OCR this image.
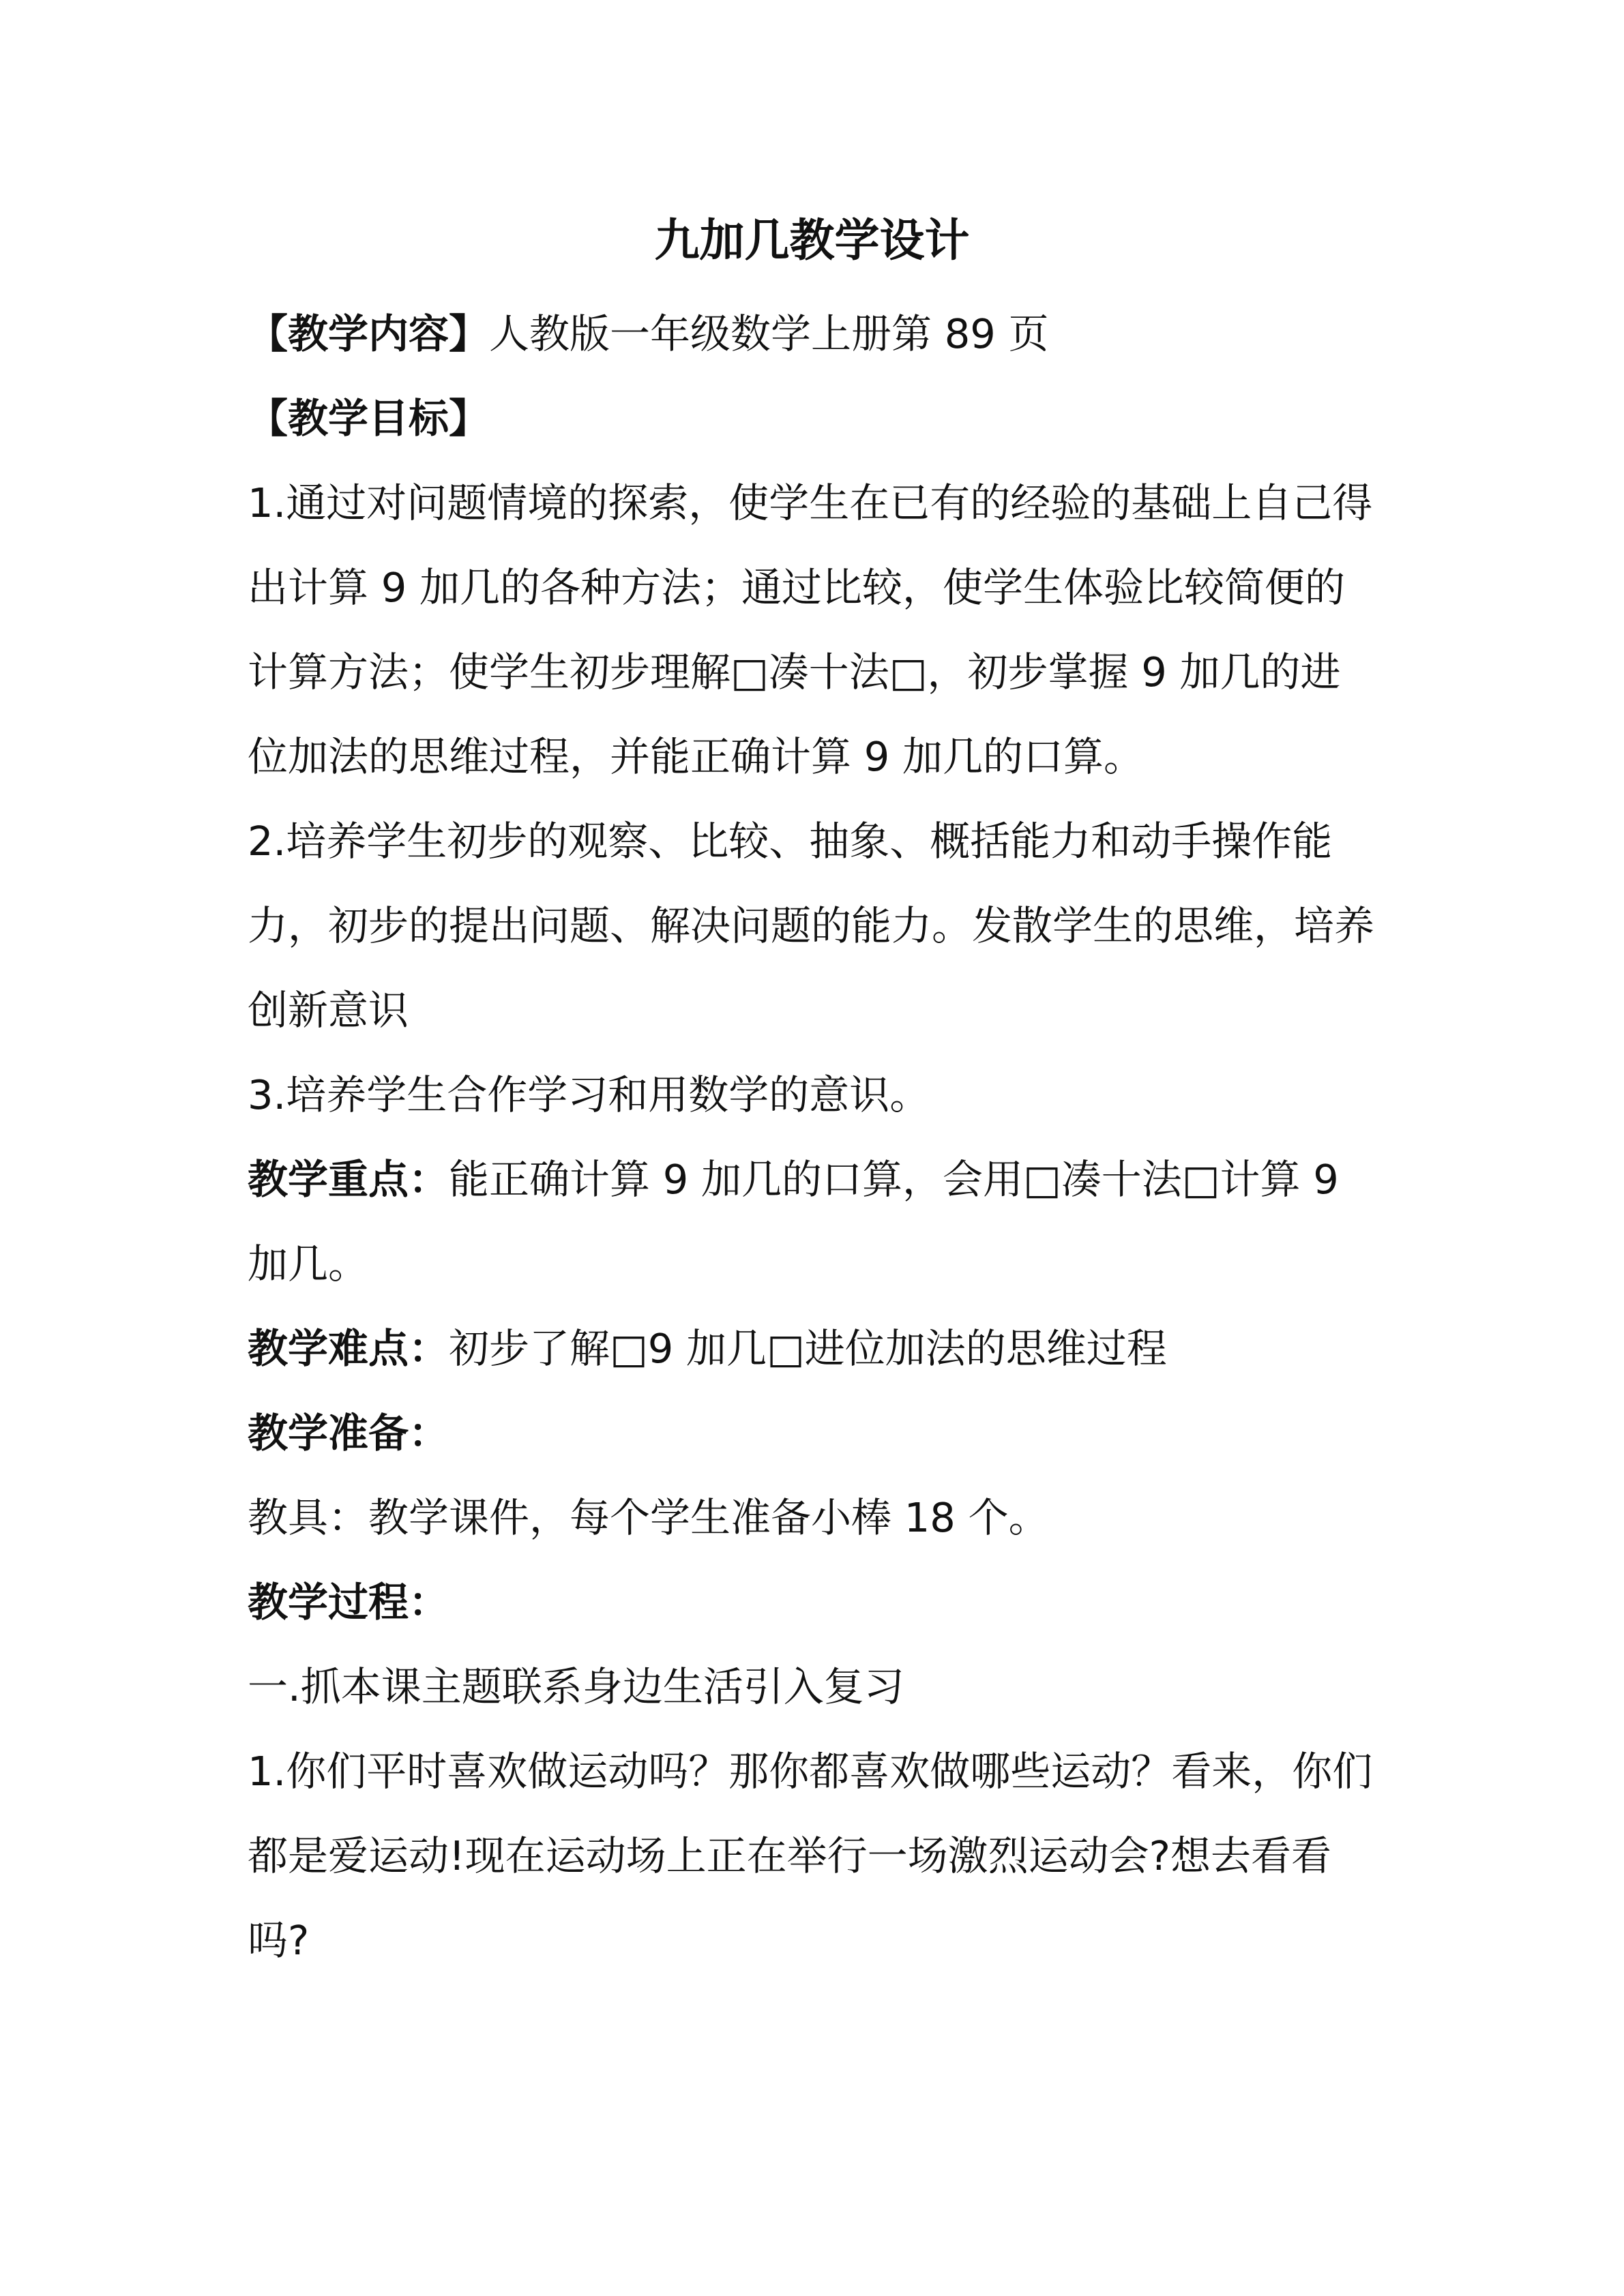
九加几教学设计

【教学内容】人教版一年级数学上册第 89 页

【教学目标】

1.通过对问题情境的探索，使学生在已有的经验的基础上自己得出计算 9 加几的各种方法；通过比较，使学生体验比较简便的计算方法；使学生初步理解□凑十法□，初步掌握 9 加几的进位加法的思维过程，并能正确计算 9 加几的口算。

2.培养学生初步的观察、比较、抽象、概括能力和动手操作能力，初步的提出问题、解决问题的能力。发散学生的思维，培养创新意识

3.培养学生合作学习和用数学的意识。

教学重点：能正确计算 9 加几的口算，会用□凑十法□计算 9 加几。

教学难点：初步了解□9 加几□进位加法的思维过程

教学准备：

教具：教学课件，每个学生准备小棒 18 个。

教学过程：

一.抓本课主题联系身边生活引入复习

1.你们平时喜欢做运动吗？那你都喜欢做哪些运动？看来，你们都是爱运动!现在运动场上正在举行一场激烈运动会?想去看看吗?
